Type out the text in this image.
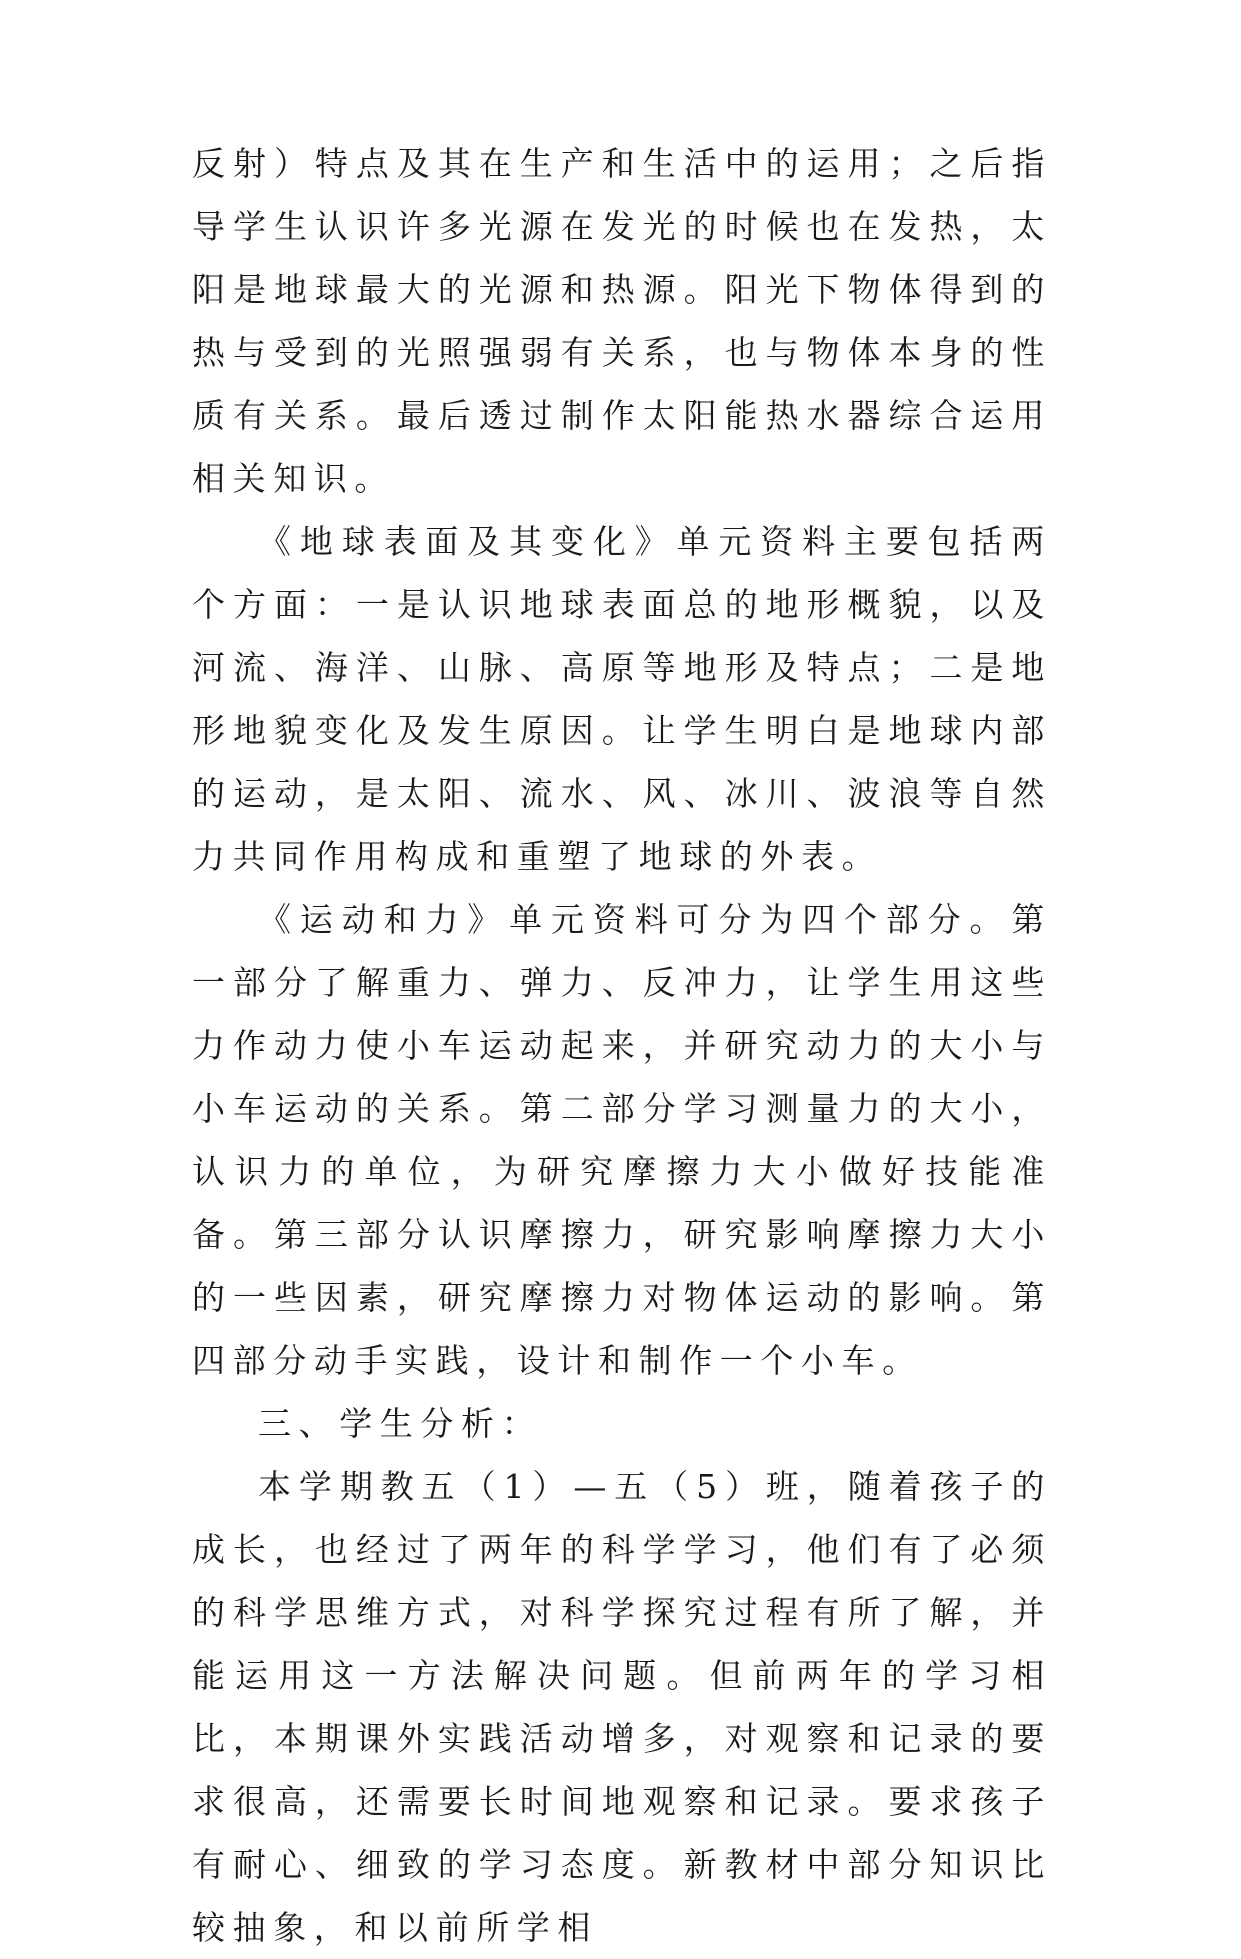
反射）特点及其在生产和生活中的运用；之后指导学生认识许多光源在发光的时候也在发热，太阳是地球最大的光源和热源。阳光下物体得到的热与受到的光照强弱有关系，也与物体本身的性质有关系。最后透过制作太阳能热水器综合运用相关知识。

《地球表面及其变化》单元资料主要包括两个方面：一是认识地球表面总的地形概貌，以及河流、海洋、山脉、高原等地形及特点；二是地形地貌变化及发生原因。让学生明白是地球内部的运动，是太阳、流水、风、冰川、波浪等自然力共同作用构成和重塑了地球的外表。

《运动和力》单元资料可分为四个部分。第一部分了解重力、弹力、反冲力，让学生用这些力作动力使小车运动起来，并研究动力的大小与小车运动的关系。第二部分学习测量力的大小，认识力的单位，为研究摩擦力大小做好技能准备。第三部分认识摩擦力，研究影响摩擦力大小的一些因素，研究摩擦力对物体运动的影响。第四部分动手实践，设计和制作一个小车。

三、学生分析：

本学期教五（1）—五（5）班，随着孩子的成长，也经过了两年的科学学习，他们有了必须的科学思维方式，对科学探究过程有所了解，并能运用这一方法解决问题。但前两年的学习相比，本期课外实践活动增多，对观察和记录的要求很高，还需要长时间地观察和记录。要求孩子有耐心、细致的学习态度。新教材中部分知识比较抽象，和以前所学相
